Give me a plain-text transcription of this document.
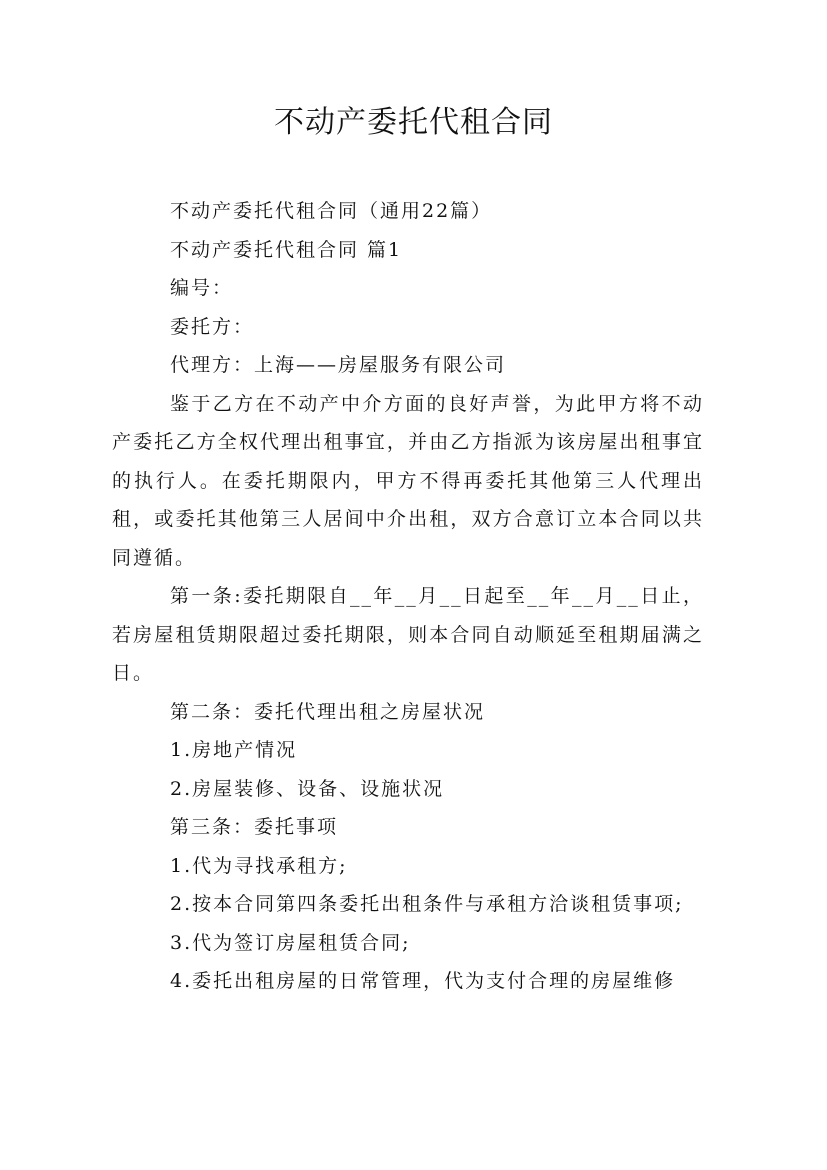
不动产委托代租合同

不动产委托代租合同（通用22篇）

不动产委托代租合同 篇1

编号：

委托方：

代理方：上海——房屋服务有限公司

鉴于乙方在不动产中介方面的良好声誉，为此甲方将不动产委托乙方全权代理出租事宜，并由乙方指派为该房屋出租事宜的执行人。在委托期限内，甲方不得再委托其他第三人代理出租，或委托其他第三人居间中介出租，双方合意订立本合同以共同遵循。

第一条:委托期限自__年__月__日起至__年__月__日止，若房屋租赁期限超过委托期限，则本合同自动顺延至租期届满之日。

第二条：委托代理出租之房屋状况

1.房地产情况

2.房屋装修、设备、设施状况

第三条：委托事项

1.代为寻找承租方;

2.按本合同第四条委托出租条件与承租方洽谈租赁事项;

3.代为签订房屋租赁合同;

4.委托出租房屋的日常管理，代为支付合理的房屋维修
